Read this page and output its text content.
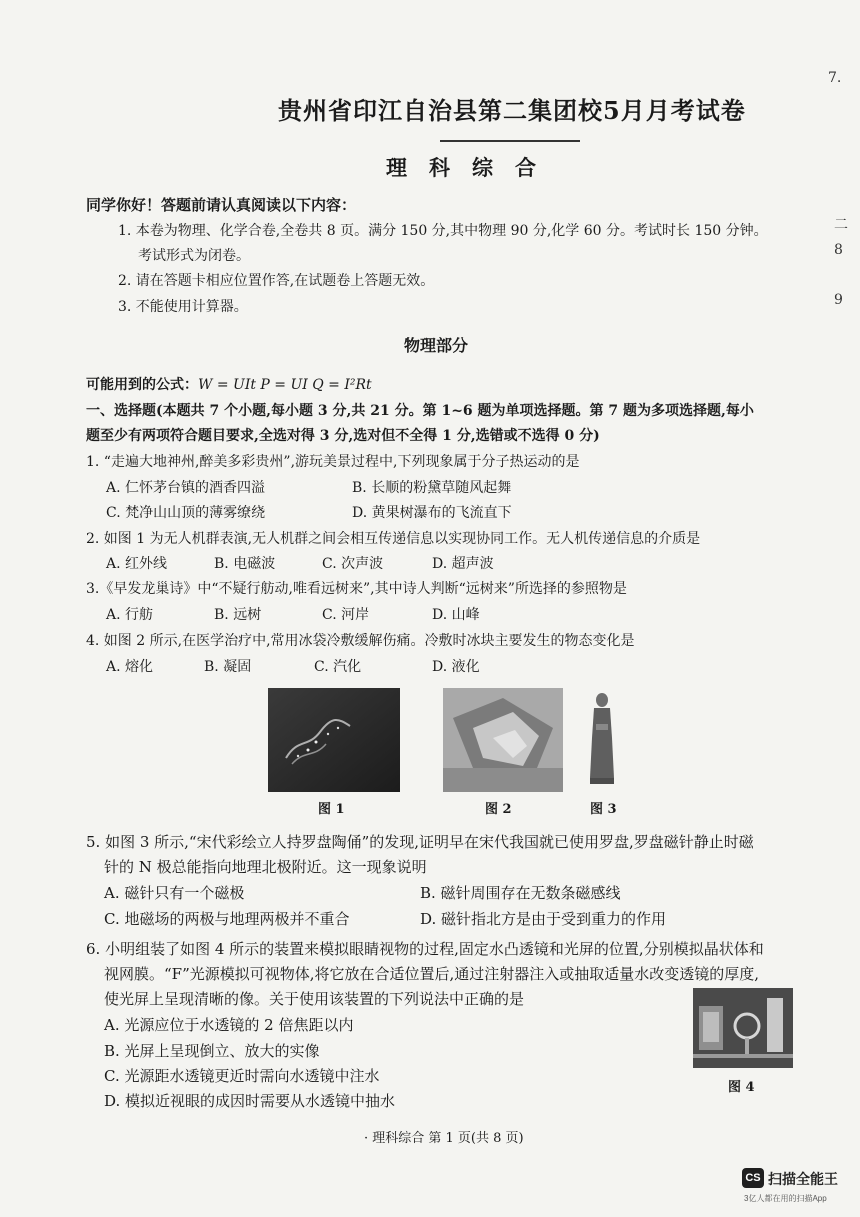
7.
二
8
9
贵州省印江自治县第二集团校5月月考试卷
理科综合
同学你好！答题前请认真阅读以下内容：
1. 本卷为物理、化学合卷,全卷共 8 页。满分 150 分,其中物理 90 分,化学 60 分。考试时长 150 分钟。
考试形式为闭卷。
2. 请在答题卡相应位置作答,在试题卷上答题无效。
3. 不能使用计算器。
物理部分
可能用到的公式：W = UIt P = UI Q = I²Rt
一、选择题(本题共 7 个小题,每小题 3 分,共 21 分。第 1~6 题为单项选择题。第 7 题为多项选择题,每小
题至少有两项符合题目要求,全选对得 3 分,选对但不全得 1 分,选错或不选得 0 分)
1. “走遍大地神州,醉美多彩贵州”,游玩美景过程中,下列现象属于分子热运动的是
A. 仁怀茅台镇的酒香四溢	B. 长顺的粉黛草随风起舞
C. 梵净山山顶的薄雾缭绕	D. 黄果树瀑布的飞流直下
2. 如图 1 为无人机群表演,无人机群之间会相互传递信息以实现协同工作。无人机传递信息的介质是
A. 红外线	B. 电磁波	C. 次声波	D. 超声波
3.《早发龙巢诗》中“不疑行舫动,唯看远树来”,其中诗人判断“远树来”所选择的参照物是
A. 行舫	B. 远树	C. 河岸	D. 山峰
4. 如图 2 所示,在医学治疗中,常用冰袋冷敷缓解伤痛。冷敷时冰块主要发生的物态变化是
A. 熔化	B. 凝固	C. 汽化	D. 液化
图 1	图 2	图 3
5. 如图 3 所示,“宋代彩绘立人持罗盘陶俑”的发现,证明早在宋代我国就已使用罗盘,罗盘磁针静止时磁
针的 N 极总能指向地理北极附近。这一现象说明
A. 磁针只有一个磁极	B. 磁针周围存在无数条磁感线
C. 地磁场的两极与地理两极并不重合	D. 磁针指北方是由于受到重力的作用
6. 小明组装了如图 4 所示的装置来模拟眼睛视物的过程,固定水凸透镜和光屏的位置,分别模拟晶状体和
视网膜。“F”光源模拟可视物体,将它放在合适位置后,通过注射器注入或抽取适量水改变透镜的厚度,
使光屏上呈现清晰的像。关于使用该装置的下列说法中正确的是
A. 光源应位于水透镜的 2 倍焦距以内
B. 光屏上呈现倒立、放大的实像
C. 光源距水透镜更近时需向水透镜中注水
D. 模拟近视眼的成因时需要从水透镜中抽水
图 4
· 理科综合 第 1 页(共 8 页)
CS 扫描全能王
3亿人都在用的扫描App
